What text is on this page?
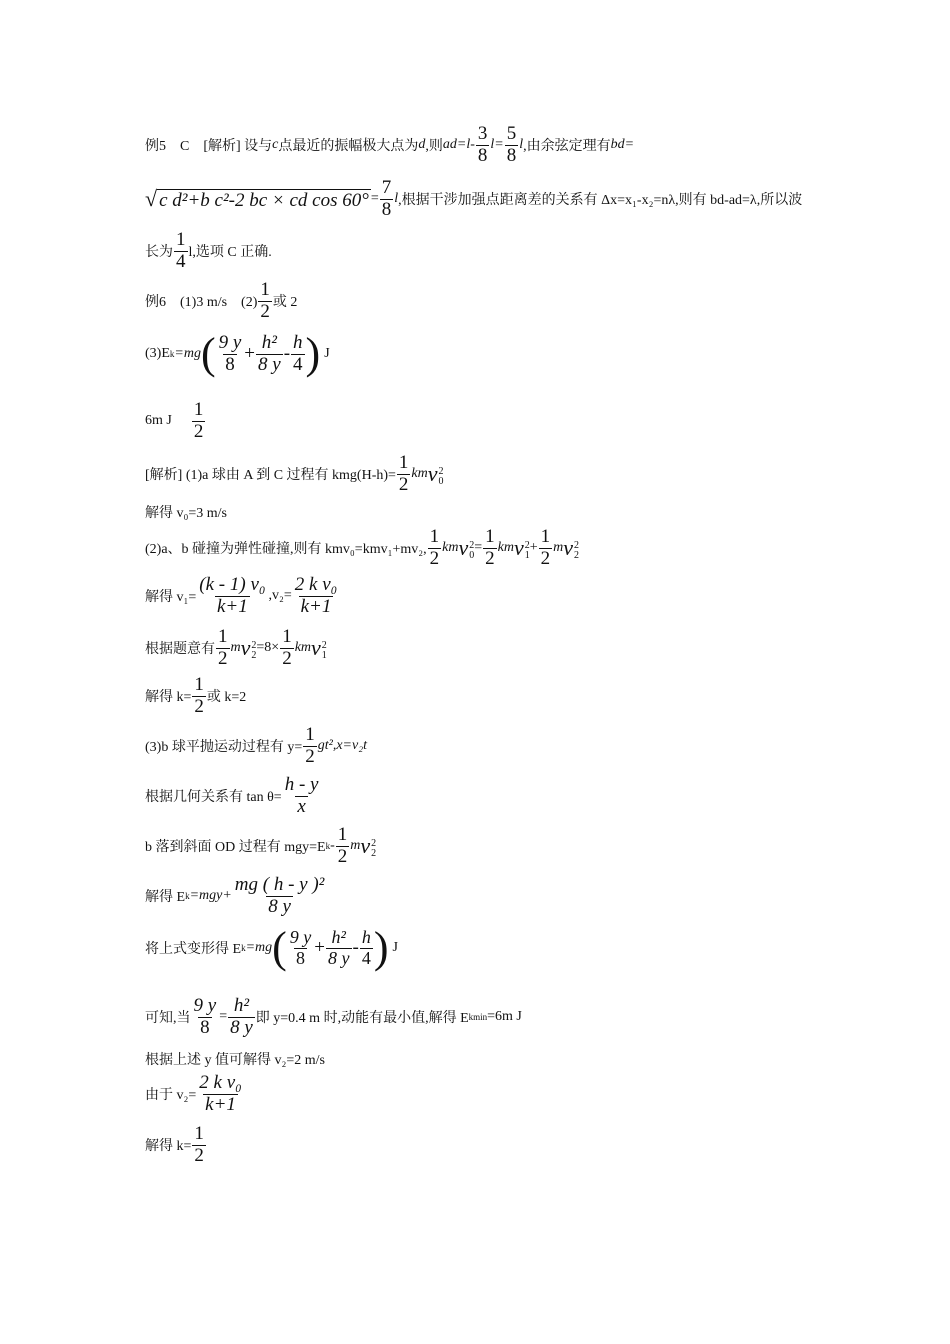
例5　C　[解析] 设与 c 点最近的振幅极大点为 d ,则 ad=l-
3
8 $l= \frac{5}{8}$ l ,由余弦定理有 bd=
√ c d²+b c²-2 bc × cd $\cos 60^\circ = \frac{7}{8}$ l ,根据干涉加强点距离差的关系有 Δx=x₁-x₂=nλ,则有 bd-ad=λ,所以波
长为
1
4 l,选项 C 正确.
例6　(1)3 m/s　(2)
1
2 或 2
(3)E k =mg ( 9 y
$8 + \frac{\text{h²}}{8 y}$ -
h
4 ) J
6m J
1
2
[解析] (1)a 球由 A 到 C 过程有 $kmg(H-h)= \frac{1}{2}$ km v 2
0
解得 v₀=3 m/s
(2)a、b 碰撞为弹性碰撞,则有 kmv₀=kmv₁+mv₂,
1
2 km v 2
0
= $\frac{1}{2}$ km v 2
1
+ $\frac{1}{2}$ m v 2
2
解得 $v_1= \frac{\text{(k - 1) v₀}}{k+1} ,v_2= \frac{\text{2 k v₀}}{k+1}$
根据题意有
1
2 m v 2
2
$=8\times \frac{1}{2}$ km v 2
1
解得 $k= \frac{1}{2}$ 或 k=2
(3)b 球平抛运动过程有 $y= \frac{1}{2} gt^2,x=v_2t$
根据几何关系有 $\tan \theta= \frac{h - y}{x}$
b 落到斜面 OD 过程有 mgy=E k -
1
2 m v 2
2
解得 E $k =mgy+ \frac{\text{mg ( h - y )²}}{8 y}$
将上式变形得 E k =mg ( 9 y
$8 + \frac{\text{h²}}{8 y}$ -
h
4 ) J
可知,当 $\frac{9 y}{8} = \frac{\text{h²}}{8 y}$ 即 y=0.4 m 时,动能有最小值,解得 E kmin =6m J
根据上述 y 值可解得 v₂=2 m/s
由于 $v_2= \frac{\text{2 k v₀}}{k+1}$
解得 $k= \frac{1}{2}$
